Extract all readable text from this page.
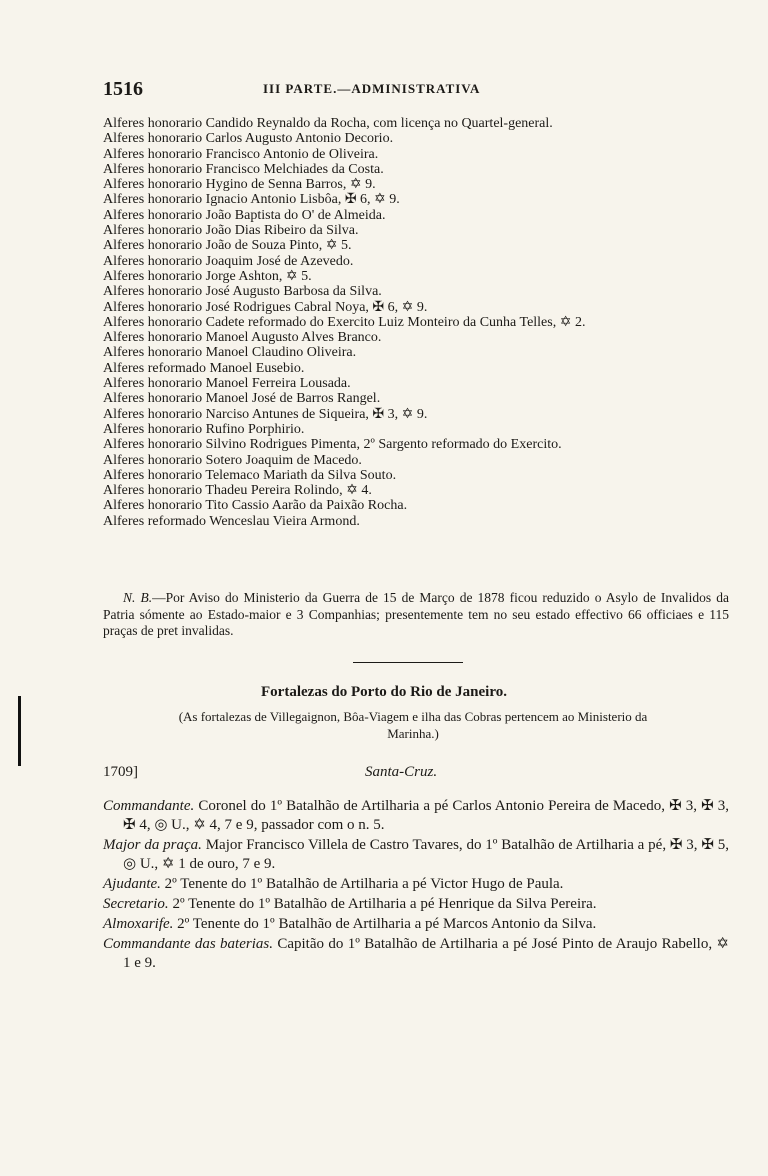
1516	III PARTE.—ADMINISTRATIVA
Alferes honorario Candido Reynaldo da Rocha, com licença no Quartel-general.
Alferes honorario Carlos Augusto Antonio Decorio.
Alferes honorario Francisco Antonio de Oliveira.
Alferes honorario Francisco Melchiades da Costa.
Alferes honorario Hygino de Senna Barros, ✡ 9.
Alferes honorario Ignacio Antonio Lisbôa, ✠ 6, ✡ 9.
Alferes honorario João Baptista do O' de Almeida.
Alferes honorario João Dias Ribeiro da Silva.
Alferes honorario João de Souza Pinto, ✡ 5.
Alferes honorario Joaquim José de Azevedo.
Alferes honorario Jorge Ashton, ✡ 5.
Alferes honorario José Augusto Barbosa da Silva.
Alferes honorario José Rodrigues Cabral Noya, ✠ 6, ✡ 9.
Alferes honorario Cadete reformado do Exercito Luiz Monteiro da Cunha Telles, ✡ 2.
Alferes honorario Manoel Augusto Alves Branco.
Alferes honorario Manoel Claudino Oliveira.
Alferes reformado Manoel Eusebio.
Alferes honorario Manoel Ferreira Lousada.
Alferes honorario Manoel José de Barros Rangel.
Alferes honorario Narciso Antunes de Siqueira, ✠ 3, ✡ 9.
Alferes honorario Rufino Porphirio.
Alferes honorario Silvino Rodrigues Pimenta, 2º Sargento reformado do Exercito.
Alferes honorario Sotero Joaquim de Macedo.
Alferes honorario Telemaco Mariath da Silva Souto.
Alferes honorario Thadeu Pereira Rolindo, ✡ 4.
Alferes honorario Tito Cassio Aarão da Paixão Rocha.
Alferes reformado Wenceslau Vieira Armond.

N. B.—Por Aviso do Ministerio da Guerra de 15 de Março de 1878 ficou reduzido o Asylo de Invalidos da Patria sómente ao Estado-maior e 3 Companhias; presentemente tem no seu estado effectivo 66 officiaes e 115 praças de pret invalidas.

Fortalezas do Porto do Rio de Janeiro.
(As fortalezas de Villegaignon, Bôa-Viagem e ilha das Cobras pertencem ao Ministerio da Marinha.)
1709]	Santa-Cruz.
Commandante. Coronel do 1º Batalhão de Artilharia a pé Carlos Antonio Pereira de Macedo, ✠ 3, ✠ 3, ✠ 4, ◎ U., ✡ 4, 7 e 9, passador com o n. 5.
Major da praça. Major Francisco Villela de Castro Tavares, do 1º Batalhão de Artilharia a pé, ✠ 3, ✠ 5, ◎ U., ✡ 1 de ouro, 7 e 9.
Ajudante. 2º Tenente do 1º Batalhão de Artilharia a pé Victor Hugo de Paula.
Secretario. 2º Tenente do 1º Batalhão de Artilharia a pé Henrique da Silva Pereira.
Almoxarife. 2º Tenente do 1º Batalhão de Artilharia a pé Marcos Antonio da Silva.
Commandante das baterias. Capitão do 1º Batalhão de Artilharia a pé José Pinto de Araujo Rabello, ✡ 1 e 9.
